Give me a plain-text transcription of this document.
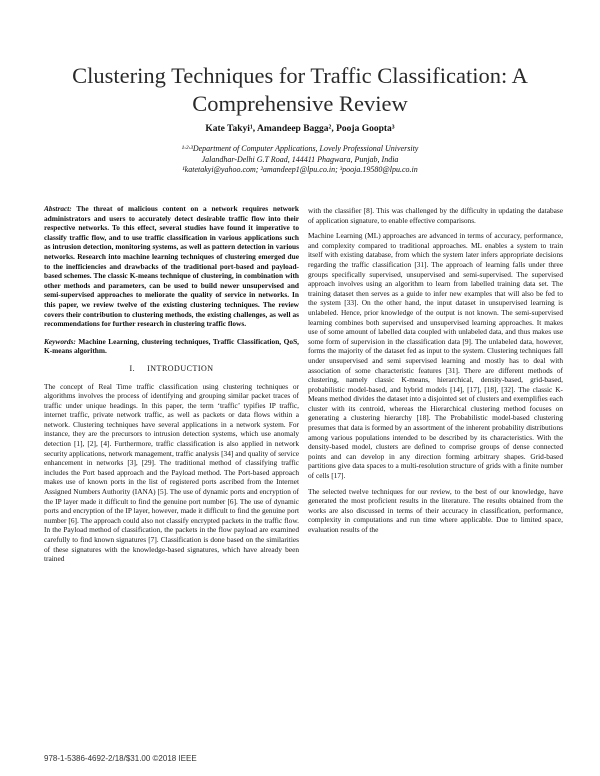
Clustering Techniques for Traffic Classification: A Comprehensive Review
Kate Takyi¹, Amandeep Bagga², Pooja Goopta³
¹·²·³Department of Computer Applications, Lovely Professional University
Jalandhar-Delhi G.T Road, 144411 Phagwara, Punjab, India
¹katetakyi@yahoo.com; ²amandeep1@lpu.co.in; ³pooja.19580@lpu.co.in

Abstract: The threat of malicious content on a network requires network administrators and users to accurately detect desirable traffic flow into their respective networks. To this effect, several studies have found it imperative to classify traffic flow, and to use traffic classification in various applications such as intrusion detection, monitoring systems, as well as pattern detection in various networks. Research into machine learning techniques of clustering emerged due to the inefficiencies and drawbacks of the traditional port-based and payload-based schemes. The classic K-means technique of clustering, in combination with other methods and parameters, can be used to build newer unsupervised and semi-supervised approaches to meliorate the quality of service in networks. In this paper, we review twelve of the existing clustering techniques. The review covers their contribution to clustering methods, the existing challenges, as well as recommendations for further research in clustering traffic flows.

Keywords: Machine Learning, clustering techniques, Traffic Classification, QoS, K-means algorithm.

I. INTRODUCTION

The concept of Real Time traffic classification using clustering techniques or algorithms involves the process of identifying and grouping similar packet traces of traffic under unique headings. In this paper, the term ‘traffic’ typifies IP traffic, internet traffic, private network traffic, as well as packets or data flows within a network. Clustering techniques have several applications in a network system. For instance, they are the precursors to intrusion detection systems, which use anomaly detection [1], [2], [4]. Furthermore, traffic classification is also applied in network security applications, network management, traffic analysis [34] and quality of service enhancement in networks [3], [29]. The traditional method of classifying traffic includes the Port based approach and the Payload method. The Port-based approach makes use of known ports in the list of registered ports ascribed from the Internet Assigned Numbers Authority (IANA) [5]. The use of dynamic ports and encryption of the IP layer made it difficult to find the genuine port number [6]. The use of dynamic ports and encryption of the IP layer, however, made it difficult to find the genuine port number [6]. The approach could also not classify encrypted packets in the traffic flow. In the Payload method of classification, the packets in the flow payload are examined carefully to find known signatures [7]. Classification is done based on the similarities of these signatures with the knowledge-based signatures, which have already been trained

with the classifier [8]. This was challenged by the difficulty in updating the database of application signature, to enable effective comparisons.

Machine Learning (ML) approaches are advanced in terms of accuracy, performance, and complexity compared to traditional approaches. ML enables a system to train itself with existing database, from which the system later infers appropriate decisions regarding the traffic classification [31]. The approach of learning falls under three groups specifically supervised, unsupervised and semi-supervised. The supervised approach involves using an algorithm to learn from labelled training data set. The training dataset then serves as a guide to infer new examples that will also be fed to the system [33]. On the other hand, the input dataset in unsupervised learning is unlabeled. Hence, prior knowledge of the output is not known. The semi-supervised learning combines both supervised and unsupervised learning approaches. It makes use of some amount of labelled data coupled with unlabeled data, and thus makes use some form of supervision in the classification data [9]. The unlabeled data, however, forms the majority of the dataset fed as input to the system. Clustering techniques fall under unsupervised and semi supervised learning and mostly has to deal with association of some characteristic features [31]. There are different methods of clustering, namely classic K-means, hierarchical, density-based, grid-based, probabilistic model-based, and hybrid models [14], [17], [18], [32]. The classic K-Means method divides the dataset into a disjointed set of clusters and exemplifies each cluster with its centroid, whereas the Hierarchical clustering method focuses on generating a clustering hierarchy [18]. The Probabilistic model-based clustering presumes that data is formed by an assortment of the inherent probability distributions among various populations intended to be described by its characteristics. With the density-based model, clusters are defined to comprise groups of dense connected points and can develop in any direction forming arbitrary shapes. Grid-based partitions give data spaces to a multi-resolution structure of grids with a finite number of cells [17].

The selected twelve techniques for our review, to the best of our knowledge, have generated the most proficient results in the literature. The results obtained from the works are also discussed in terms of their accuracy in classification, performance, complexity in computations and run time where applicable. Due to limited space, evaluation results of the

978-1-5386-4692-2/18/$31.00 ©2018 IEEE
